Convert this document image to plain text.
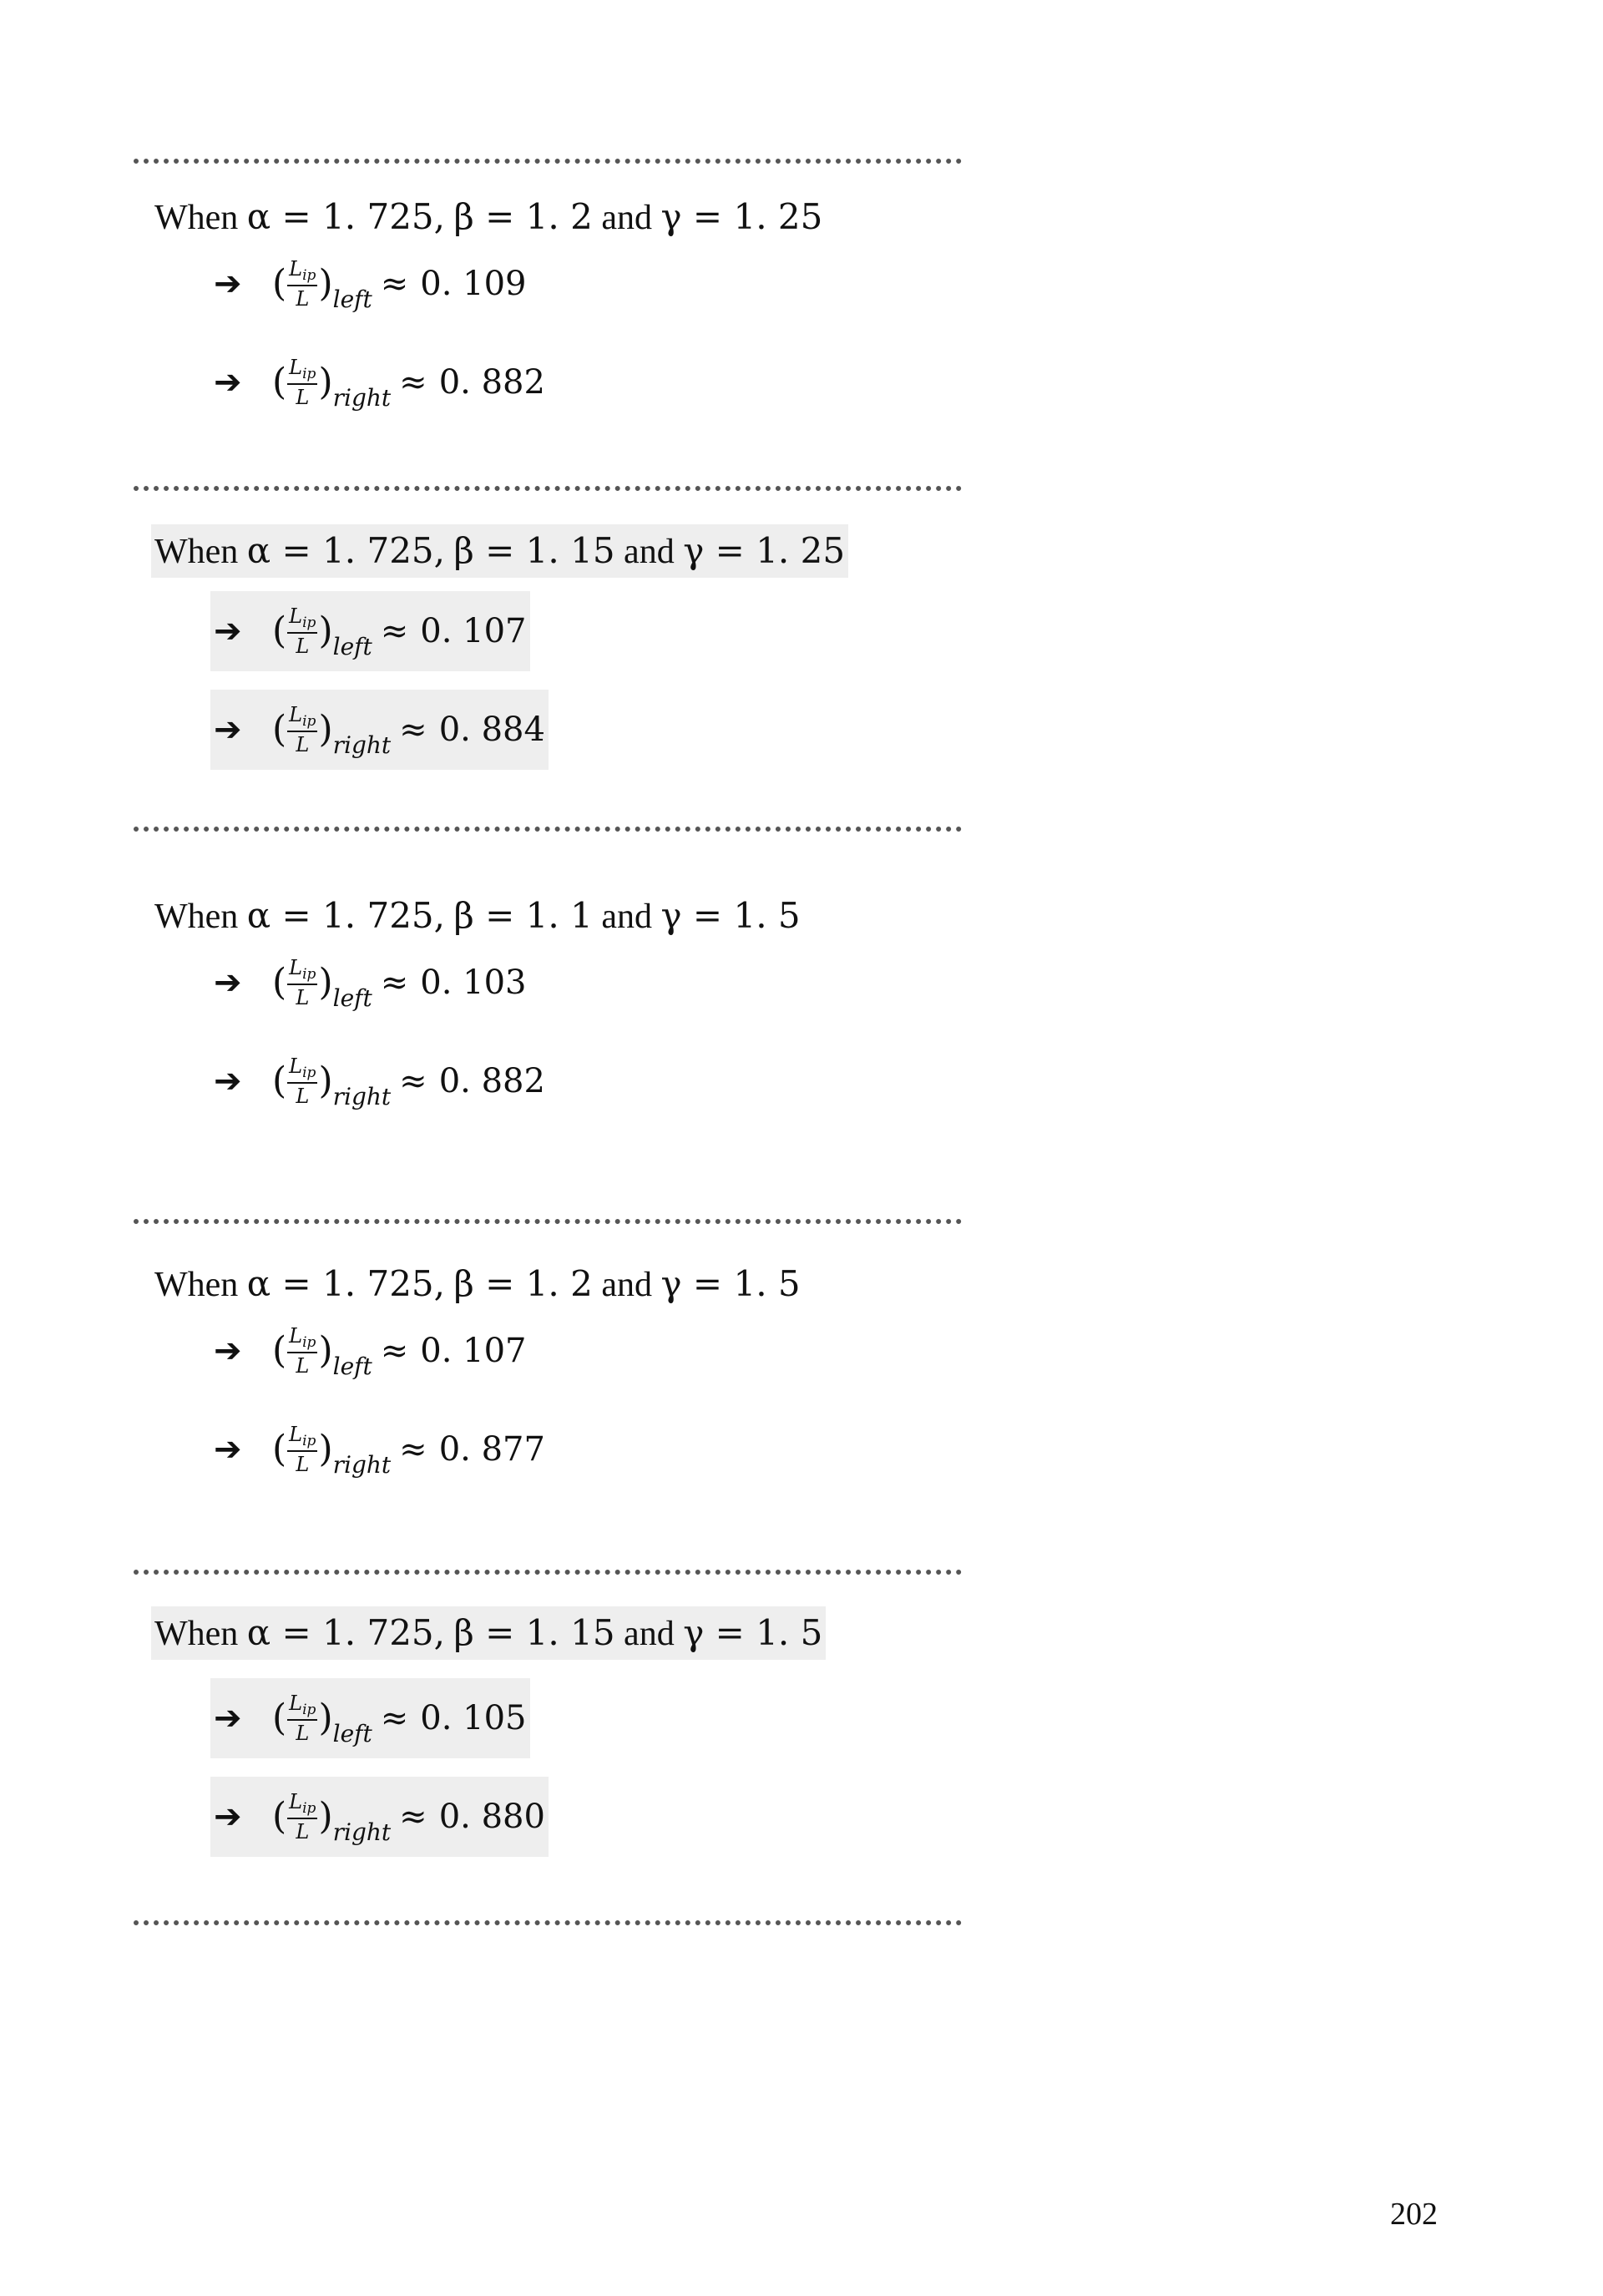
When α = 1. 725, β = 1. 2 and γ = 1. 25
➔ ( $\frac{L_{ip}}{L}$ ) left ≈ 0. 109
➔ ( $\frac{L_{ip}}{L}$ ) right ≈ 0. 882
When α = 1. 725, β = 1. 15 and γ = 1. 25
➔ ( $\frac{L_{ip}}{L}$ ) left ≈ 0. 107
➔ ( $\frac{L_{ip}}{L}$ ) right ≈ 0. 884
When α = 1. 725, β = 1. 1 and γ = 1. 5
➔ ( $\frac{L_{ip}}{L}$ ) left ≈ 0. 103
➔ ( $\frac{L_{ip}}{L}$ ) right ≈ 0. 882
When α = 1. 725, β = 1. 2 and γ = 1. 5
➔ ( $\frac{L_{ip}}{L}$ ) left ≈ 0. 107
➔ ( $\frac{L_{ip}}{L}$ ) right ≈ 0. 877
When α = 1. 725, β = 1. 15 and γ = 1. 5
➔ ( $\frac{L_{ip}}{L}$ ) left ≈ 0. 105
➔ ( $\frac{L_{ip}}{L}$ ) right ≈ 0. 880
202
